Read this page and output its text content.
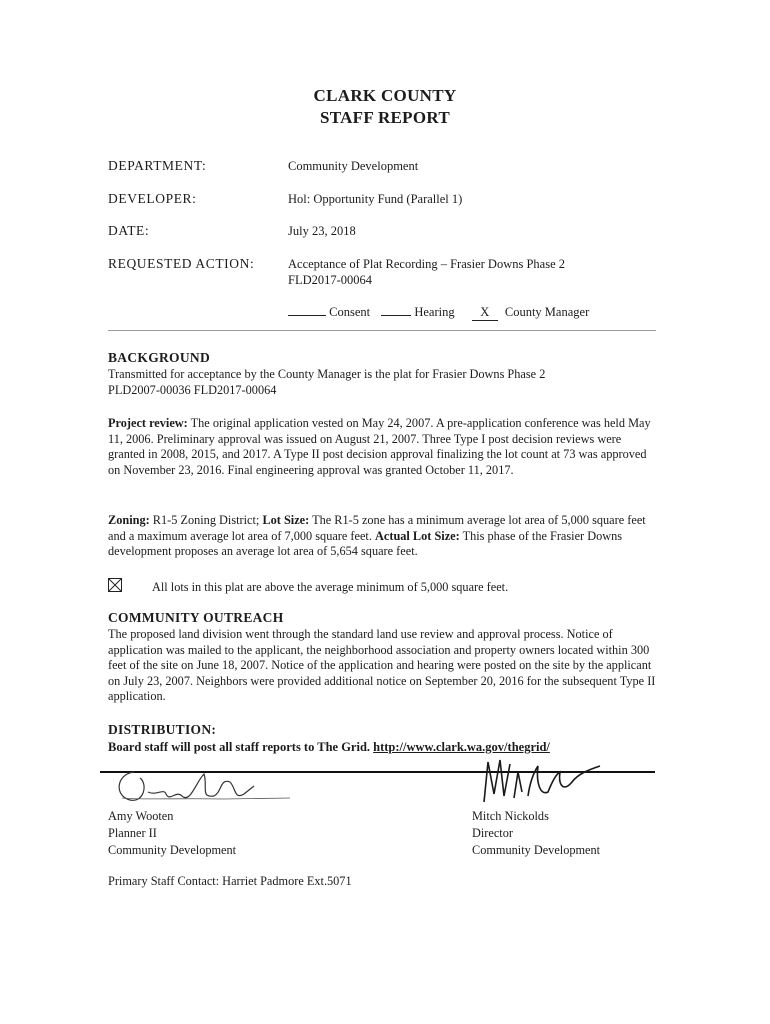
CLARK COUNTY
STAFF REPORT
DEPARTMENT:	Community Development
DEVELOPER:	Hol: Opportunity Fund (Parallel 1)
DATE:	July 23, 2018
REQUESTED ACTION:	Acceptance of Plat Recording – Frasier Downs Phase 2
FLD2017-00064
Consent	Hearing X County Manager
BACKGROUND
Transmitted for acceptance by the County Manager is the plat for Frasier Downs Phase 2
PLD2007-00036 FLD2017-00064
Project review: The original application vested on May 24, 2007. A pre-application conference was held May 11, 2006. Preliminary approval was issued on August 21, 2007. Three Type I post decision reviews were granted in 2008, 2015, and 2017. A Type II post decision approval finalizing the lot count at 73 was approved on November 23, 2016. Final engineering approval was granted October 11, 2017.
Zoning: R1-5 Zoning District; Lot Size: The R1-5 zone has a minimum average lot area of 5,000 square feet and a maximum average lot area of 7,000 square feet. Actual Lot Size: This phase of the Frasier Downs development proposes an average lot area of 5,654 square feet.
All lots in this plat are above the average minimum of 5,000 square feet.
COMMUNITY OUTREACH
The proposed land division went through the standard land use review and approval process. Notice of application was mailed to the applicant, the neighborhood association and property owners located within 300 feet of the site on June 18, 2007. Notice of the application and hearing were posted on the site by the applicant on July 23, 2007. Neighbors were provided additional notice on September 20, 2016 for the subsequent Type II application.
DISTRIBUTION:
Board staff will post all staff reports to The Grid. http://www.clark.wa.gov/thegrid/
Amy Wooten
Planner II
Community Development
Mitch Nickolds
Director
Community Development
Primary Staff Contact: Harriet Padmore Ext.5071
